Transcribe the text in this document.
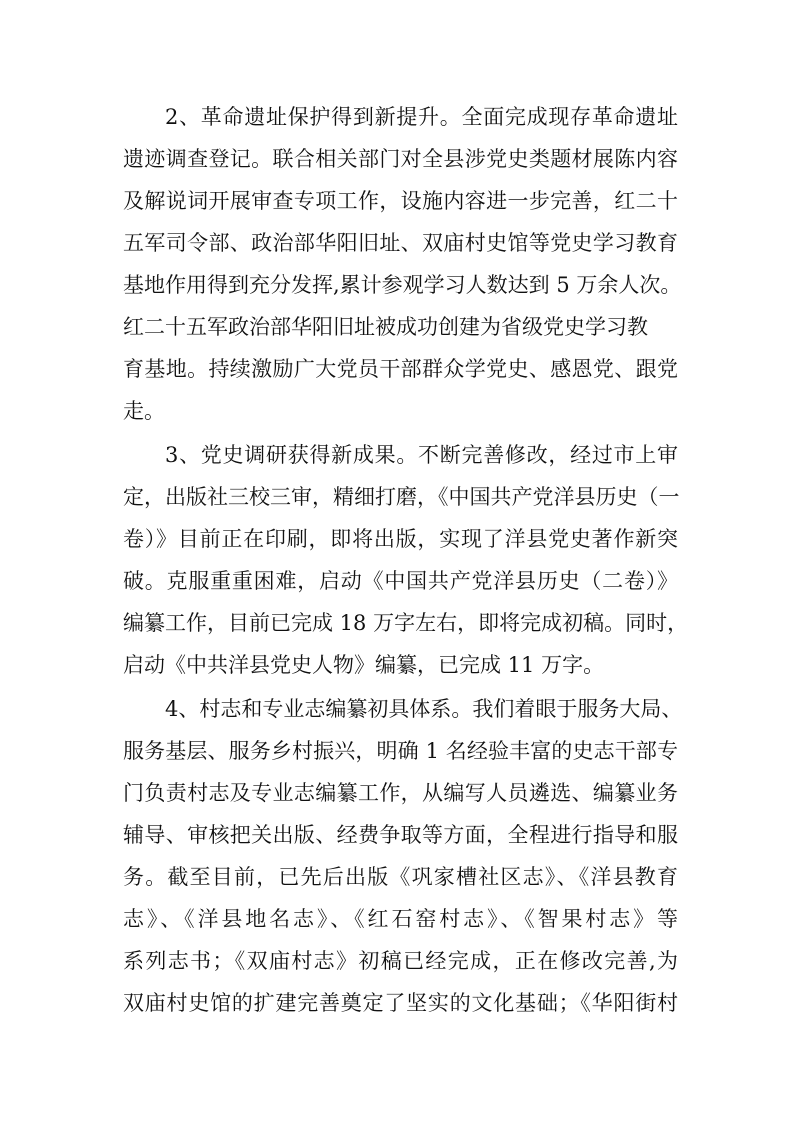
2、革命遗址保护得到新提升。全面完成现存革命遗址
遗迹调查登记。联合相关部门对全县涉党史类题材展陈内容
及解说词开展审查专项工作，设施内容进一步完善，红二十
五军司令部、政治部华阳旧址、双庙村史馆等党史学习教育
基地作用得到充分发挥,累计参观学习人数达到 5 万余人次。
红二十五军政治部华阳旧址被成功创建为省级党史学习教
育基地。持续激励广大党员干部群众学党史、感恩党、跟党
走。
3、党史调研获得新成果。不断完善修改，经过市上审
定，出版社三校三审，精细打磨，《中国共产党洋县历史（一
卷）》目前正在印刷，即将出版，实现了洋县党史著作新突
破。克服重重困难，启动《中国共产党洋县历史（二卷）》
编纂工作，目前已完成 18 万字左右，即将完成初稿。同时，
启动《中共洋县党史人物》编纂，已完成 11 万字。
4、村志和专业志编纂初具体系。我们着眼于服务大局、
服务基层、服务乡村振兴，明确 1 名经验丰富的史志干部专
门负责村志及专业志编纂工作，从编写人员遴选、编纂业务
辅导、审核把关出版、经费争取等方面，全程进行指导和服
务。截至目前，已先后出版《巩家槽社区志》、《洋县教育
志》、《洋县地名志》、《红石窑村志》、《智果村志》等
系列志书；《双庙村志》初稿已经完成，正在修改完善,为
双庙村史馆的扩建完善奠定了坚实的文化基础；《华阳街村
